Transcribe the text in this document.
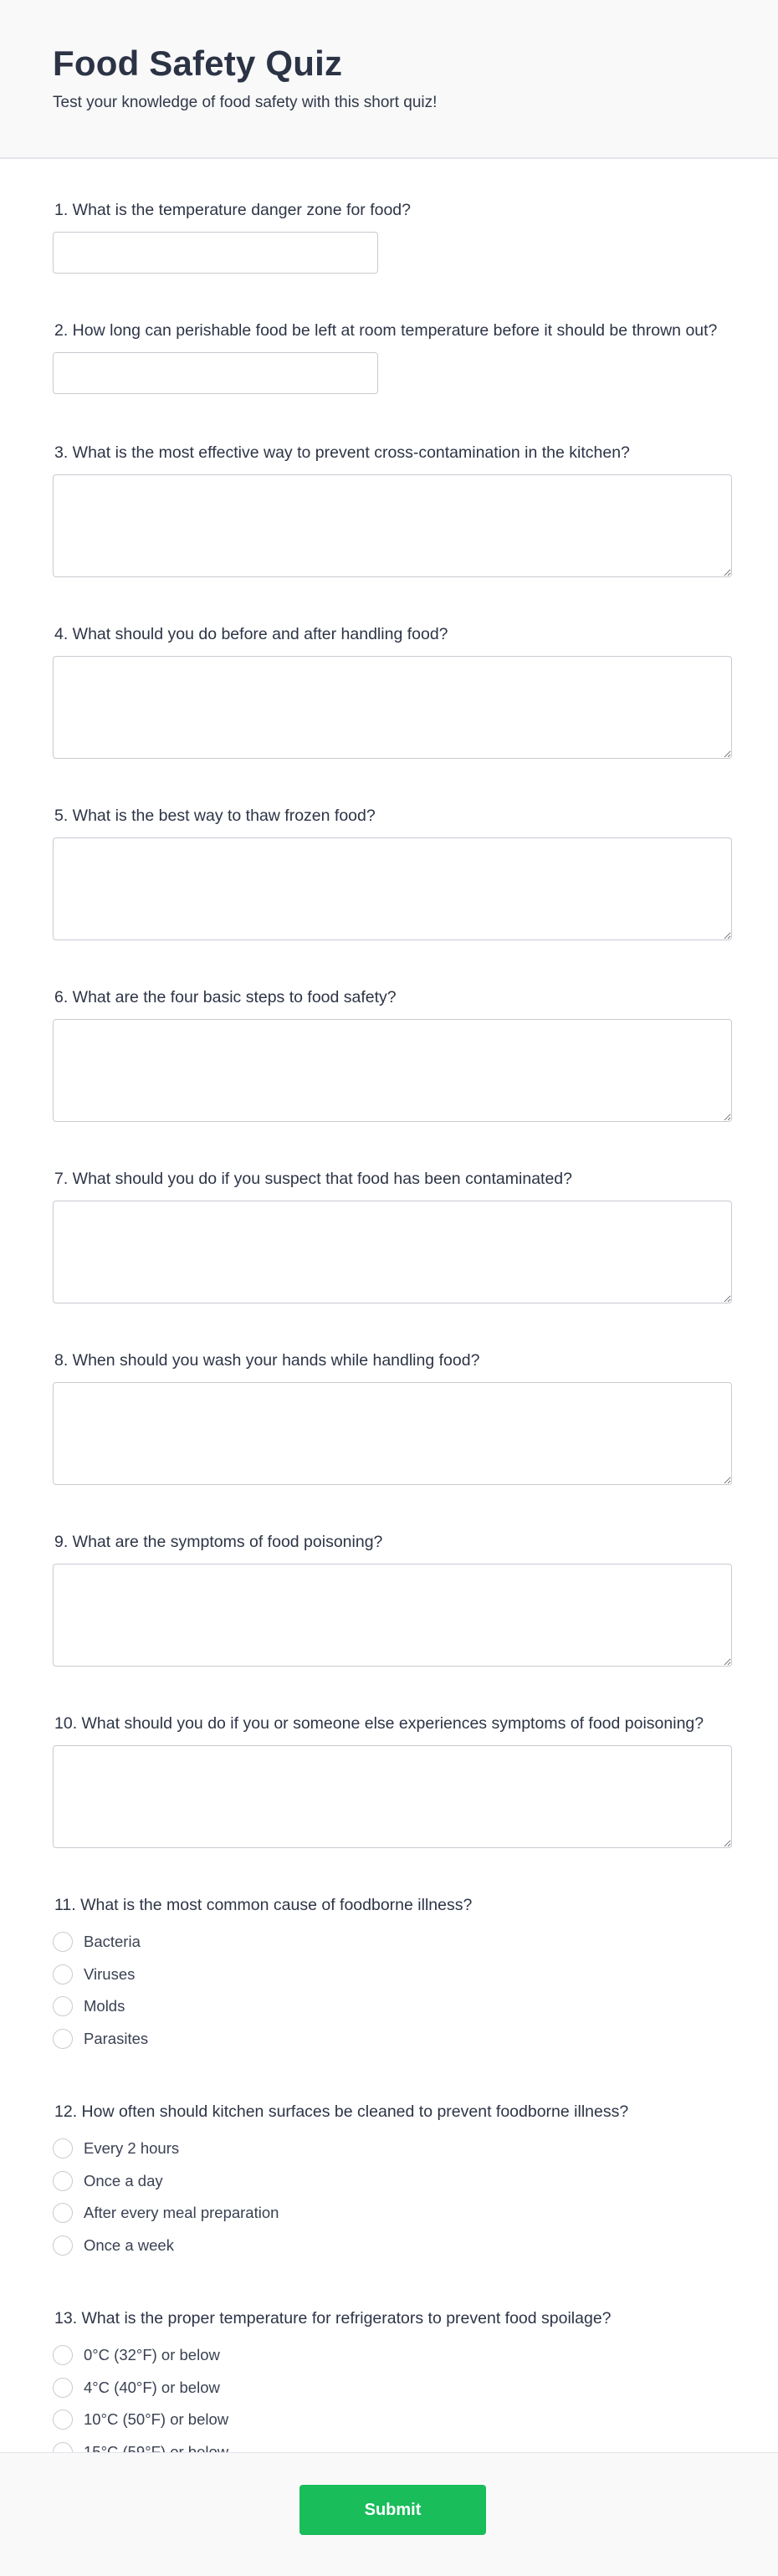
Food Safety Quiz

Test your knowledge of food safety with this short quiz!

1. What is the temperature danger zone for food?
2. How long can perishable food be left at room temperature before it should be thrown out?
3. What is the most effective way to prevent cross-contamination in the kitchen?
4. What should you do before and after handling food?
5. What is the best way to thaw frozen food?
6. What are the four basic steps to food safety?
7. What should you do if you suspect that food has been contaminated?
8. When should you wash your hands while handling food?
9. What are the symptoms of food poisoning?
10. What should you do if you or someone else experiences symptoms of food poisoning?
11. What is the most common cause of foodborne illness?
Bacteria
Viruses
Molds
Parasites
12. How often should kitchen surfaces be cleaned to prevent foodborne illness?
Every 2 hours
Once a day
After every meal preparation
Once a week
13. What is the proper temperature for refrigerators to prevent food spoilage?
0°C (32°F) or below
4°C (40°F) or below
10°C (50°F) or below
Submit
